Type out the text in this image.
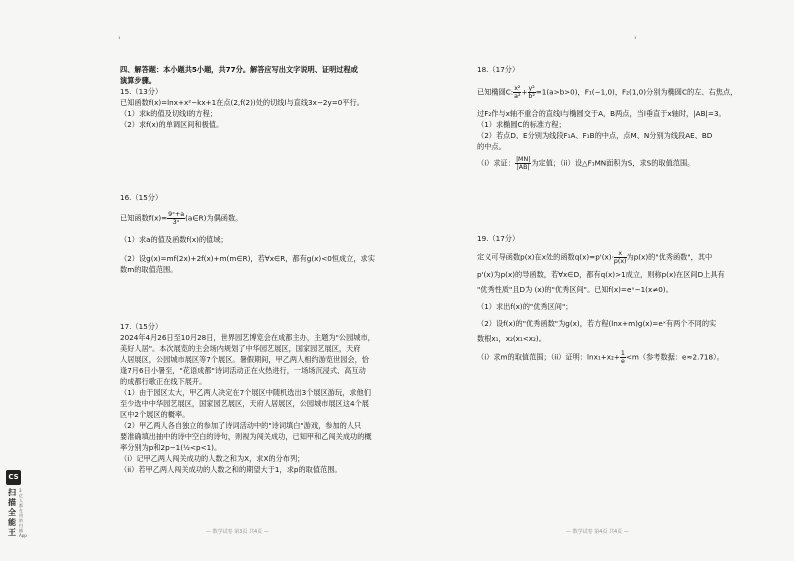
'	'

四、解答题：本小题共5小题，共77分。解答应写出文字说明、证明过程或

演算步骤。

15.（13分）

已知函数f(x)=lnx+x²−kx+1在点(2,f(2))处的切线l与直线3x−2y=0平行。

（1）求k的值及切线l的方程；

（2）求f(x)的单调区间和极值。

16.（15分）

已知函数$f(x)= \frac{\text{9ˣ+a}}{\text{3ˣ}}$ (a∈R)为偶函数。

（1）求a的值及函数f(x)的值域；

（2）设g(x)=mf(2x)+2f(x)+m(m∈R)，若∀x∈R，都有g(x)<0恒成立，求实

数m的取值范围。

17.（15分）

2024年4月26日至10月28日，世界园艺博览会在成都主办，主题为"公园城市，

美好人居"。本次展览的主会场内规划了中华园艺展区，国家园艺展区，天府

人居展区，公园城市展区等7个展区。暑假期间，甲乙两人相约游览世园会，恰

逢7月6日小暑至，"花语成都"诗词活动正在火热进行，一场场沉浸式、高互动

的成都行歌正在线下展开。

（1）由于园区太大，甲乙两人决定在7个展区中随机选出3个展区游玩，求他们

至少选中中华园艺展区，国家园艺展区，天府人居展区，公园城市展区这4个展

区中2个展区的概率。

（2）甲乙两人各自独立的参加了诗词活动中的"诗词填白"游戏，参加的人只

要准确填出抽中的诗中空白的诗句，则视为闯关成功，已知甲和乙闯关成功的概

率分别为p和2p−1(½<p<1)。

（i）记甲乙两人闯关成功的人数之和为X，求X的分布列；

（ii）若甲乙两人闯关成功的人数之和的期望大于1，求p的取值范围。

18.（17分）

已知椭圆C: $\frac{\text{x²}}{\text{a²}} + \frac{\text{y²}}{\text{b²}} =1(a>b>0)$，F₁(−1,0)，F₂(1,0)分别为椭圆C的左、右焦点，

过F₂作与x轴不重合的直线l与椭圆交于A，B两点，当l垂直于x轴时，|AB|=3。

（1）求椭圆C的标准方程；

（2）若点D、E分别为线段F₁A、F₁B的中点，点M、N分别为线段AE、BD

的中点。

（i）求证： $\frac{|MN|}{|AB|}$ 为定值；（ii）设△F₁MN面积为S，求S的取值范围。

19.（17分）

定义可导函数p(x)在x处的函数$q(x)=p'(x)\cdot \frac{x}{p(x)}$ 为p(x)的"优秀函数"，其中

p'(x)为p(x)的导函数，若∀x∈D，都有q(x)>1成立，则称p(x)在区间D上具有

"优秀性质"且D为 (x)的"优秀区间"。已知f(x)=eˣ−1(x≠0)。

（1）求出f(x)的"优秀区间"；

（2）设f(x)的"优秀函数"为g(x)，若方程(lnx+m)g(x)=eˣ有两个不同的实

数根x₁，x₂(x₁<x₂)。

（i）求m的取值范围；（ii）证明：$\ln x_1+x_2+ \frac{1}{e} <m$（参考数据：e≈2.718）。

— 数学试卷 第3页 共4页 —	— 数学试卷 第4页 共4页 —
CS
扫描全能王
3亿人都在用的扫描App
